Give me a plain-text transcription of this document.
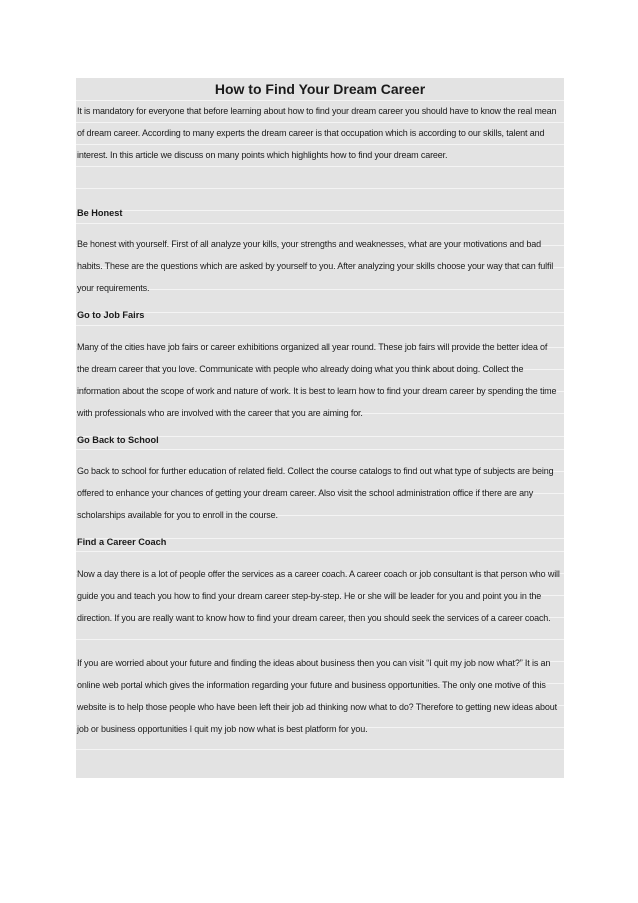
How to Find Your Dream Career
It is mandatory for everyone that before learning about how to find your dream career you should have to know the real mean of dream career. According to many experts the dream career is that occupation which is according to our skills, talent and interest. In this article we discuss on many points which highlights how to find your dream career.
Be Honest
Be honest with yourself. First of all analyze your kills, your strengths and weaknesses, what are your motivations and bad habits. These are the questions which are asked by yourself to you. After analyzing your skills choose your way that can fulfil your requirements.
Go to Job Fairs
Many of the cities have job fairs or career exhibitions organized all year round. These job fairs will provide the better idea of the dream career that you love. Communicate with people who already doing what you think about doing. Collect the information about the scope of work and nature of work. It is best to learn how to find your dream career by spending the time with professionals who are involved with the career that you are aiming for.
Go Back to School
Go back to school for further education of related field. Collect the course catalogs to find out what type of subjects are being offered to enhance your chances of getting your dream career. Also visit the school administration office if there are any scholarships available for you to enroll in the course.
Find a Career Coach
Now a day there is a lot of people offer the services as a career coach. A career coach or job consultant is that person who will guide you and teach you how to find your dream career step-by-step. He or she will be leader for you and point you in the direction. If you are really want to know how to find your dream career, then you should seek the services of a career coach.
If you are worried about your future and finding the ideas about business then you can visit “I quit my job now what?” It is an online web portal which gives the information regarding your future and business opportunities. The only one motive of this website is to help those people who have been left their job ad thinking now what to do? Therefore to getting new ideas about job or business opportunities I quit my job now what is best platform for you.
